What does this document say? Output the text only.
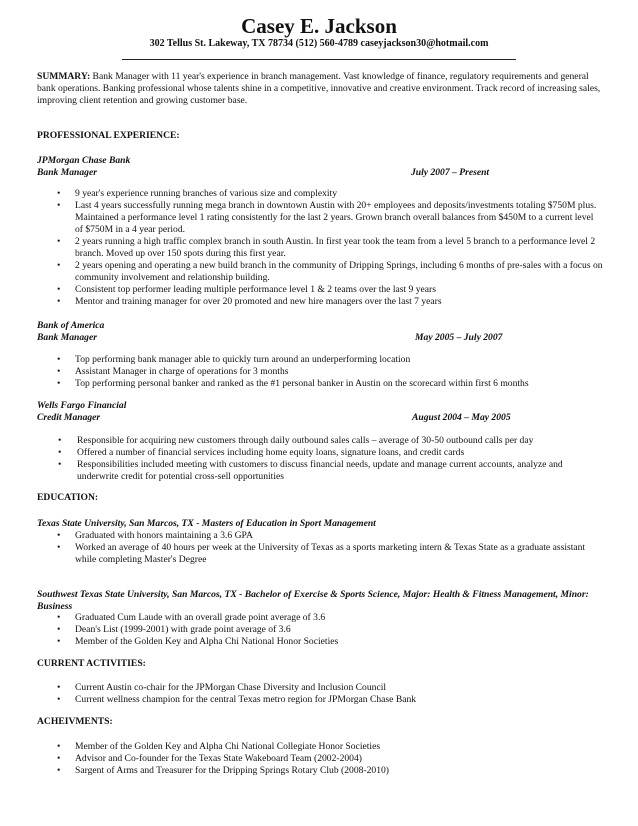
Casey E. Jackson
302 Tellus St. Lakeway, TX 78734 (512) 560-4789 caseyjackson30@hotmail.com
SUMMARY: Bank Manager with 11 year's experience in branch management. Vast knowledge of finance, regulatory requirements and general bank operations. Banking professional whose talents shine in a competitive, innovative and creative environment. Track record of increasing sales, improving client retention and growing customer base.
PROFESSIONAL EXPERIENCE:
JPMorgan Chase Bank
Bank Manager	July 2007 – Present
• 9 year's experience running branches of various size and complexity
• Last 4 years successfully running mega branch in downtown Austin with 20+ employees and deposits/investments totaling $750M plus. Maintained a performance level 1 rating consistently for the last 2 years. Grown branch overall balances from $450M to a current level of $750M in a 4 year period.
• 2 years running a high traffic complex branch in south Austin. In first year took the team from a level 5 branch to a performance level 2 branch. Moved up over 150 spots during this first year.
• 2 years opening and operating a new build branch in the community of Dripping Springs, including 6 months of pre-sales with a focus on community involvement and relationship building.
• Consistent top performer leading multiple performance level 1 & 2 teams over the last 9 years
• Mentor and training manager for over 20 promoted and new hire managers over the last 7 years
Bank of America
Bank Manager	May 2005 – July 2007
• Top performing bank manager able to quickly turn around an underperforming location
• Assistant Manager in charge of operations for 3 months
• Top performing personal banker and ranked as the #1 personal banker in Austin on the scorecard within first 6 months
Wells Fargo Financial
Credit Manager	August 2004 – May 2005
• Responsible for acquiring new customers through daily outbound sales calls – average of 30-50 outbound calls per day
• Offered a number of financial services including home equity loans, signature loans, and credit cards
• Responsibilities included meeting with customers to discuss financial needs, update and manage current accounts, analyze and underwrite credit for potential cross-sell opportunities
EDUCATION:
Texas State University, San Marcos, TX - Masters of Education in Sport Management
• Graduated with honors maintaining a 3.6 GPA
• Worked an average of 40 hours per week at the University of Texas as a sports marketing intern & Texas State as a graduate assistant while completing Master's Degree
Southwest Texas State University, San Marcos, TX - Bachelor of Exercise & Sports Science, Major: Health & Fitness Management, Minor: Business
• Graduated Cum Laude with an overall grade point average of 3.6
• Dean's List (1999-2001) with grade point average of 3.6
• Member of the Golden Key and Alpha Chi National Honor Societies
CURRENT ACTIVITIES:
• Current Austin co-chair for the JPMorgan Chase Diversity and Inclusion Council
• Current wellness champion for the central Texas metro region for JPMorgan Chase Bank
ACHEIVMENTS:
• Member of the Golden Key and Alpha Chi National Collegiate Honor Societies
• Advisor and Co-founder for the Texas State Wakeboard Team (2002-2004)
• Sargent of Arms and Treasurer for the Dripping Springs Rotary Club (2008-2010)
